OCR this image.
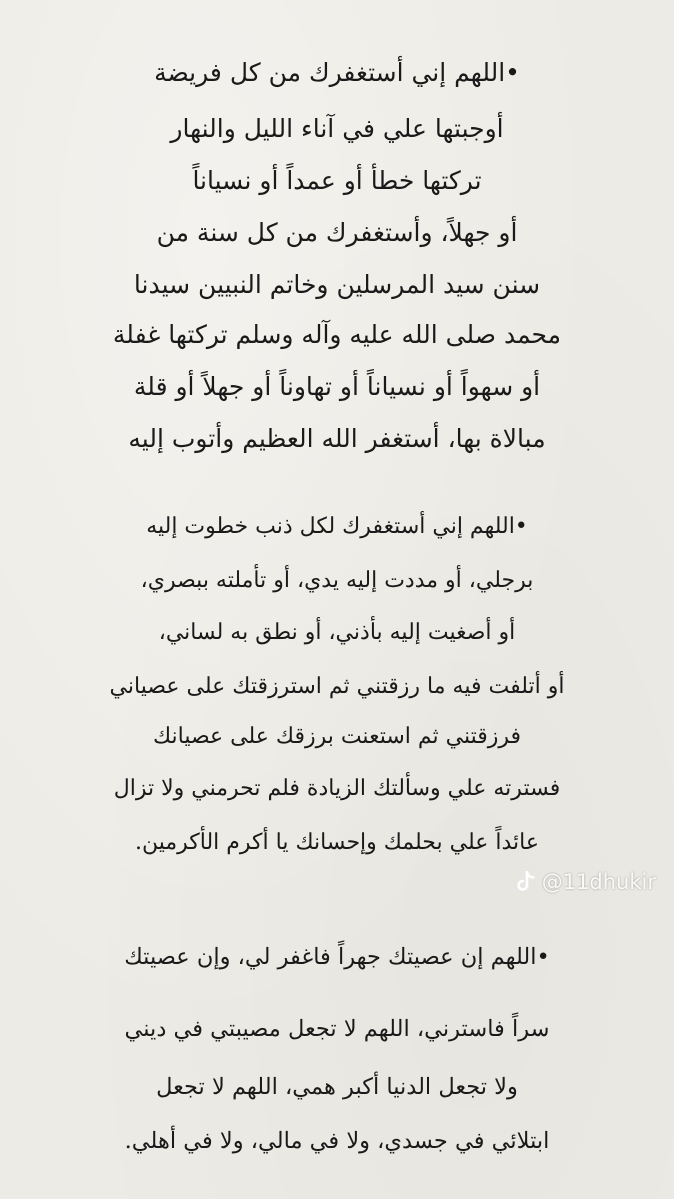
•اللهم إني أستغفرك من كل فريضة
أوجبتها علي في آناء الليل والنهار
تركتها خطأ أو عمداً أو نسياناً
أو جهلاً، وأستغفرك من كل سنة من
سنن سيد المرسلين وخاتم النبيين سيدنا
محمد صلى الله عليه وآله وسلم تركتها غفلة
أو سهواً أو نسياناً أو تهاوناً أو جهلاً أو قلة
مبالاة بها، أستغفر الله العظيم وأتوب إليه
•اللهم إني أستغفرك لكل ذنب خطوت إليه
برجلي، أو مددت إليه يدي، أو تأملته ببصري،
أو أصغيت إليه بأذني، أو نطق به لساني،
أو أتلفت فيه ما رزقتني ثم استرزقتك على عصياني
فرزقتني ثم استعنت برزقك على عصيانك
فسترته علي وسألتك الزيادة فلم تحرمني ولا تزال
عائداً علي بحلمك وإحسانك يا أكرم الأكرمين.
@11dhukir
•اللهم إن عصيتك جهراً فاغفر لي، وإن عصيتك
سراً فاسترني، اللهم لا تجعل مصيبتي في ديني
ولا تجعل الدنيا أكبر همي، اللهم لا تجعل
ابتلائي في جسدي، ولا في مالي، ولا في أهلي.
